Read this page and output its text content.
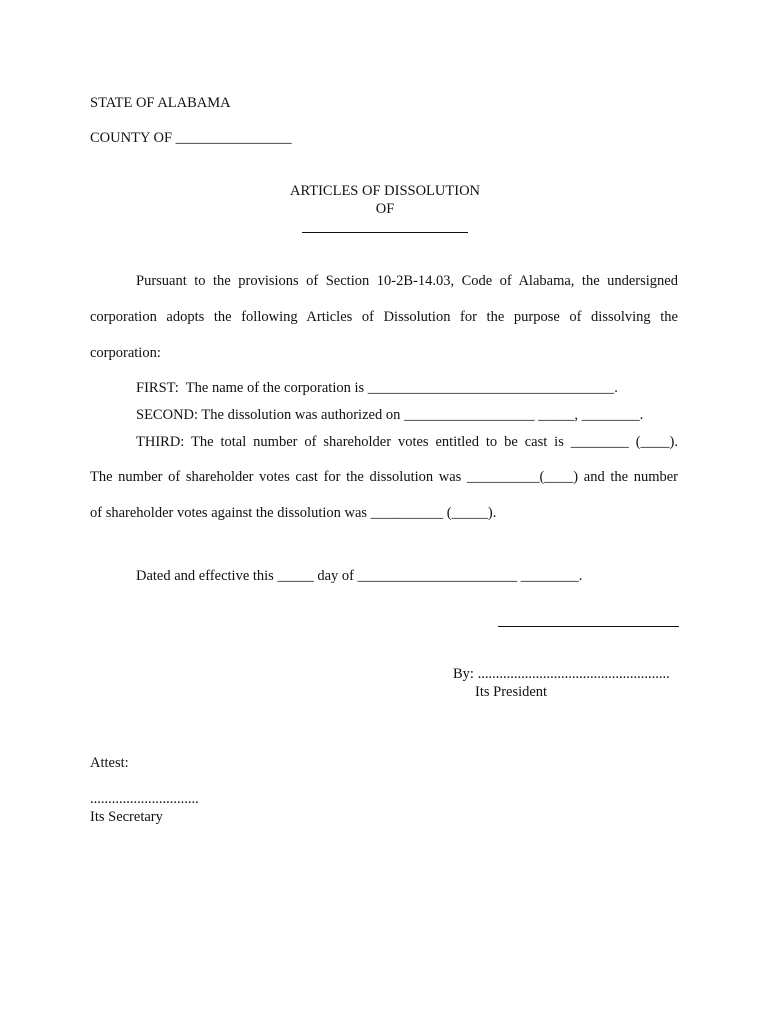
STATE OF ALABAMA
COUNTY OF ________________
ARTICLES OF DISSOLUTION
OF
Pursuant to the provisions of Section 10-2B-14.03, Code of Alabama, the undersigned
corporation adopts the following Articles of Dissolution for the purpose of dissolving the
corporation:
FIRST:  The name of the corporation is __________________________________.
SECOND: The dissolution was authorized on __________________ _____, ________.
THIRD: The total number of shareholder votes entitled to be cast is ________ (____).
The number of shareholder votes cast for the dissolution was __________(____) and the number
of shareholder votes against the dissolution was __________ (_____).
Dated and effective this _____ day of ______________________ ________.
By: .....................................................
Its President
Attest:
..............................
Its Secretary
